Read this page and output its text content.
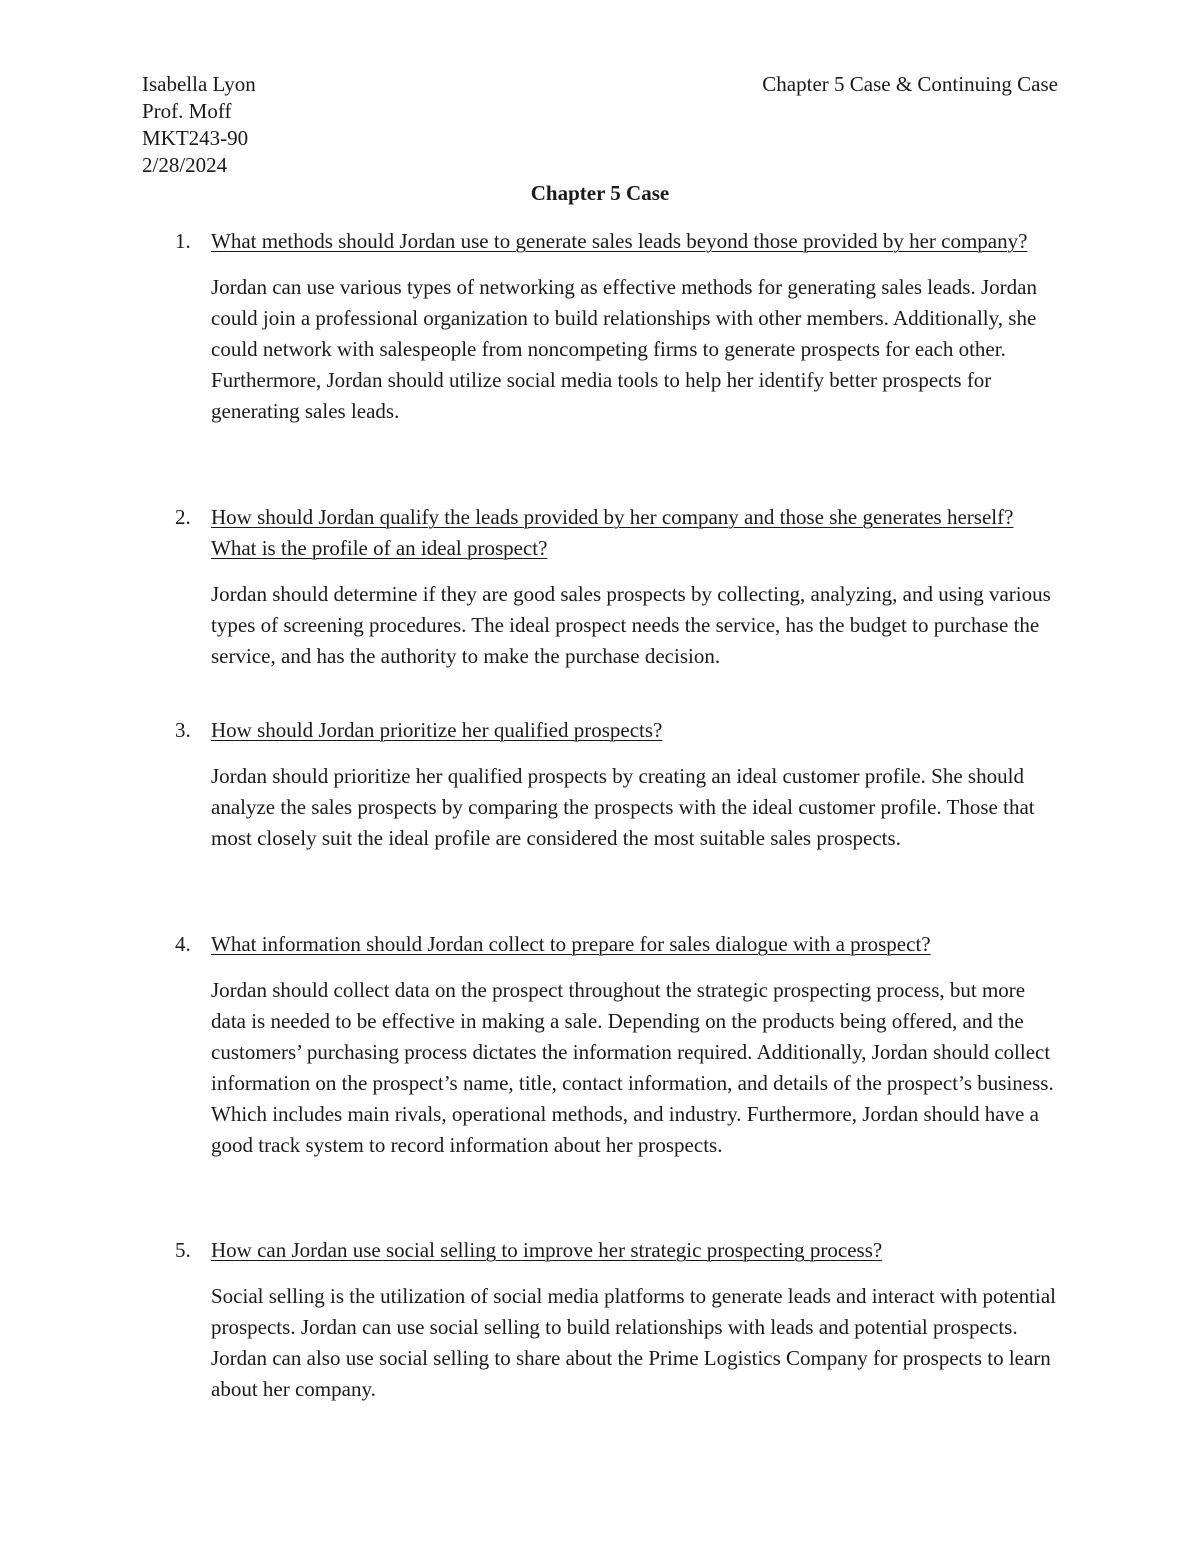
Isabella Lyon
Prof. Moff
MKT243-90
2/28/2024
Chapter 5 Case & Continuing Case
Chapter 5 Case
1. What methods should Jordan use to generate sales leads beyond those provided by her company?
Jordan can use various types of networking as effective methods for generating sales leads. Jordan could join a professional organization to build relationships with other members. Additionally, she could network with salespeople from noncompeting firms to generate prospects for each other. Furthermore, Jordan should utilize social media tools to help her identify better prospects for generating sales leads.
2. How should Jordan qualify the leads provided by her company and those she generates herself? What is the profile of an ideal prospect?
Jordan should determine if they are good sales prospects by collecting, analyzing, and using various types of screening procedures. The ideal prospect needs the service, has the budget to purchase the service, and has the authority to make the purchase decision.
3. How should Jordan prioritize her qualified prospects?
Jordan should prioritize her qualified prospects by creating an ideal customer profile. She should analyze the sales prospects by comparing the prospects with the ideal customer profile. Those that most closely suit the ideal profile are considered the most suitable sales prospects.
4. What information should Jordan collect to prepare for sales dialogue with a prospect?
Jordan should collect data on the prospect throughout the strategic prospecting process, but more data is needed to be effective in making a sale. Depending on the products being offered, and the customers’ purchasing process dictates the information required. Additionally, Jordan should collect information on the prospect’s name, title, contact information, and details of the prospect’s business. Which includes main rivals, operational methods, and industry. Furthermore, Jordan should have a good track system to record information about her prospects.
5. How can Jordan use social selling to improve her strategic prospecting process?
Social selling is the utilization of social media platforms to generate leads and interact with potential prospects. Jordan can use social selling to build relationships with leads and potential prospects. Jordan can also use social selling to share about the Prime Logistics Company for prospects to learn about her company.
